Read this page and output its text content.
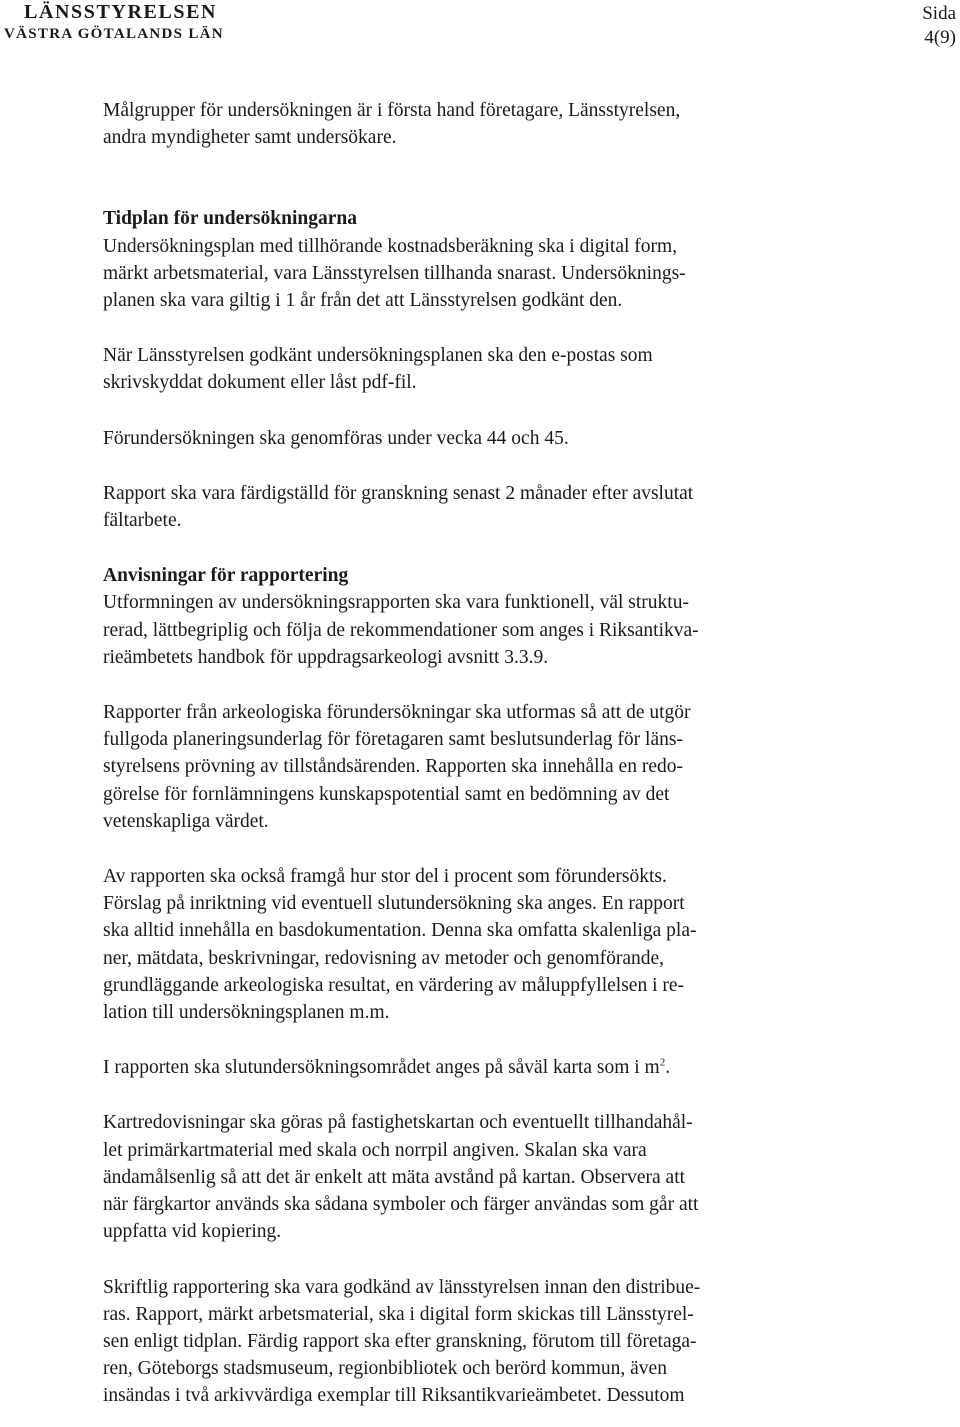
LÄNSSTYRELSEN
VÄSTRA GÖTALANDS LÄN
Sida
4(9)

Målgrupper för undersökningen är i första hand företagare, Länsstyrelsen,
andra myndigheter samt undersökare.

Tidplan för undersökningarna

Undersökningsplan med tillhörande kostnadsberäkning ska i digital form,
märkt arbetsmaterial, vara Länsstyrelsen tillhanda snarast. Undersöknings-
planen ska vara giltig i 1 år från det att Länsstyrelsen godkänt den.

När Länsstyrelsen godkänt undersökningsplanen ska den e-postas som
skrivskyddat dokument eller låst pdf-fil.

Förundersökningen ska genomföras under vecka 44 och 45.

Rapport ska vara färdigställd för granskning senast 2 månader efter avslutat
fältarbete.

Anvisningar för rapportering

Utformningen av undersökningsrapporten ska vara funktionell, väl struktu-
rerad, lättbegriplig och följa de rekommendationer som anges i Riksantikva-
rieämbetets handbok för uppdragsarkeologi avsnitt 3.3.9.

Rapporter från arkeologiska förundersökningar ska utformas så att de utgör
fullgoda planeringsunderlag för företagaren samt beslutsunderlag för läns-
styrelsens prövning av tillståndsärenden. Rapporten ska innehålla en redo-
görelse för fornlämningens kunskapspotential samt en bedömning av det
vetenskapliga värdet.

Av rapporten ska också framgå hur stor del i procent som förundersökts.
Förslag på inriktning vid eventuell slutundersökning ska anges. En rapport
ska alltid innehålla en basdokumentation. Denna ska omfatta skalenliga pla-
ner, mätdata, beskrivningar, redovisning av metoder och genomförande,
grundläggande arkeologiska resultat, en värdering av måluppfyllelsen i re-
lation till undersökningsplanen m.m.

I rapporten ska slutundersökningsområdet anges på såväl karta som i $m^2$.

Kartredovisningar ska göras på fastighetskartan och eventuellt tillhandahål-
let primärkartmaterial med skala och norrpil angiven. Skalan ska vara
ändamålsenlig så att det är enkelt att mäta avstånd på kartan. Observera att
när färgkartor används ska sådana symboler och färger användas som går att
uppfatta vid kopiering.

Skriftlig rapportering ska vara godkänd av länsstyrelsen innan den distribue-
ras. Rapport, märkt arbetsmaterial, ska i digital form skickas till Länsstyrel-
sen enligt tidplan. Färdig rapport ska efter granskning, förutom till företaga-
ren, Göteborgs stadsmuseum, regionbibliotek och berörd kommun, även
insändas i två arkivvärdiga exemplar till Riksantikvarieämbetet. Dessutom
